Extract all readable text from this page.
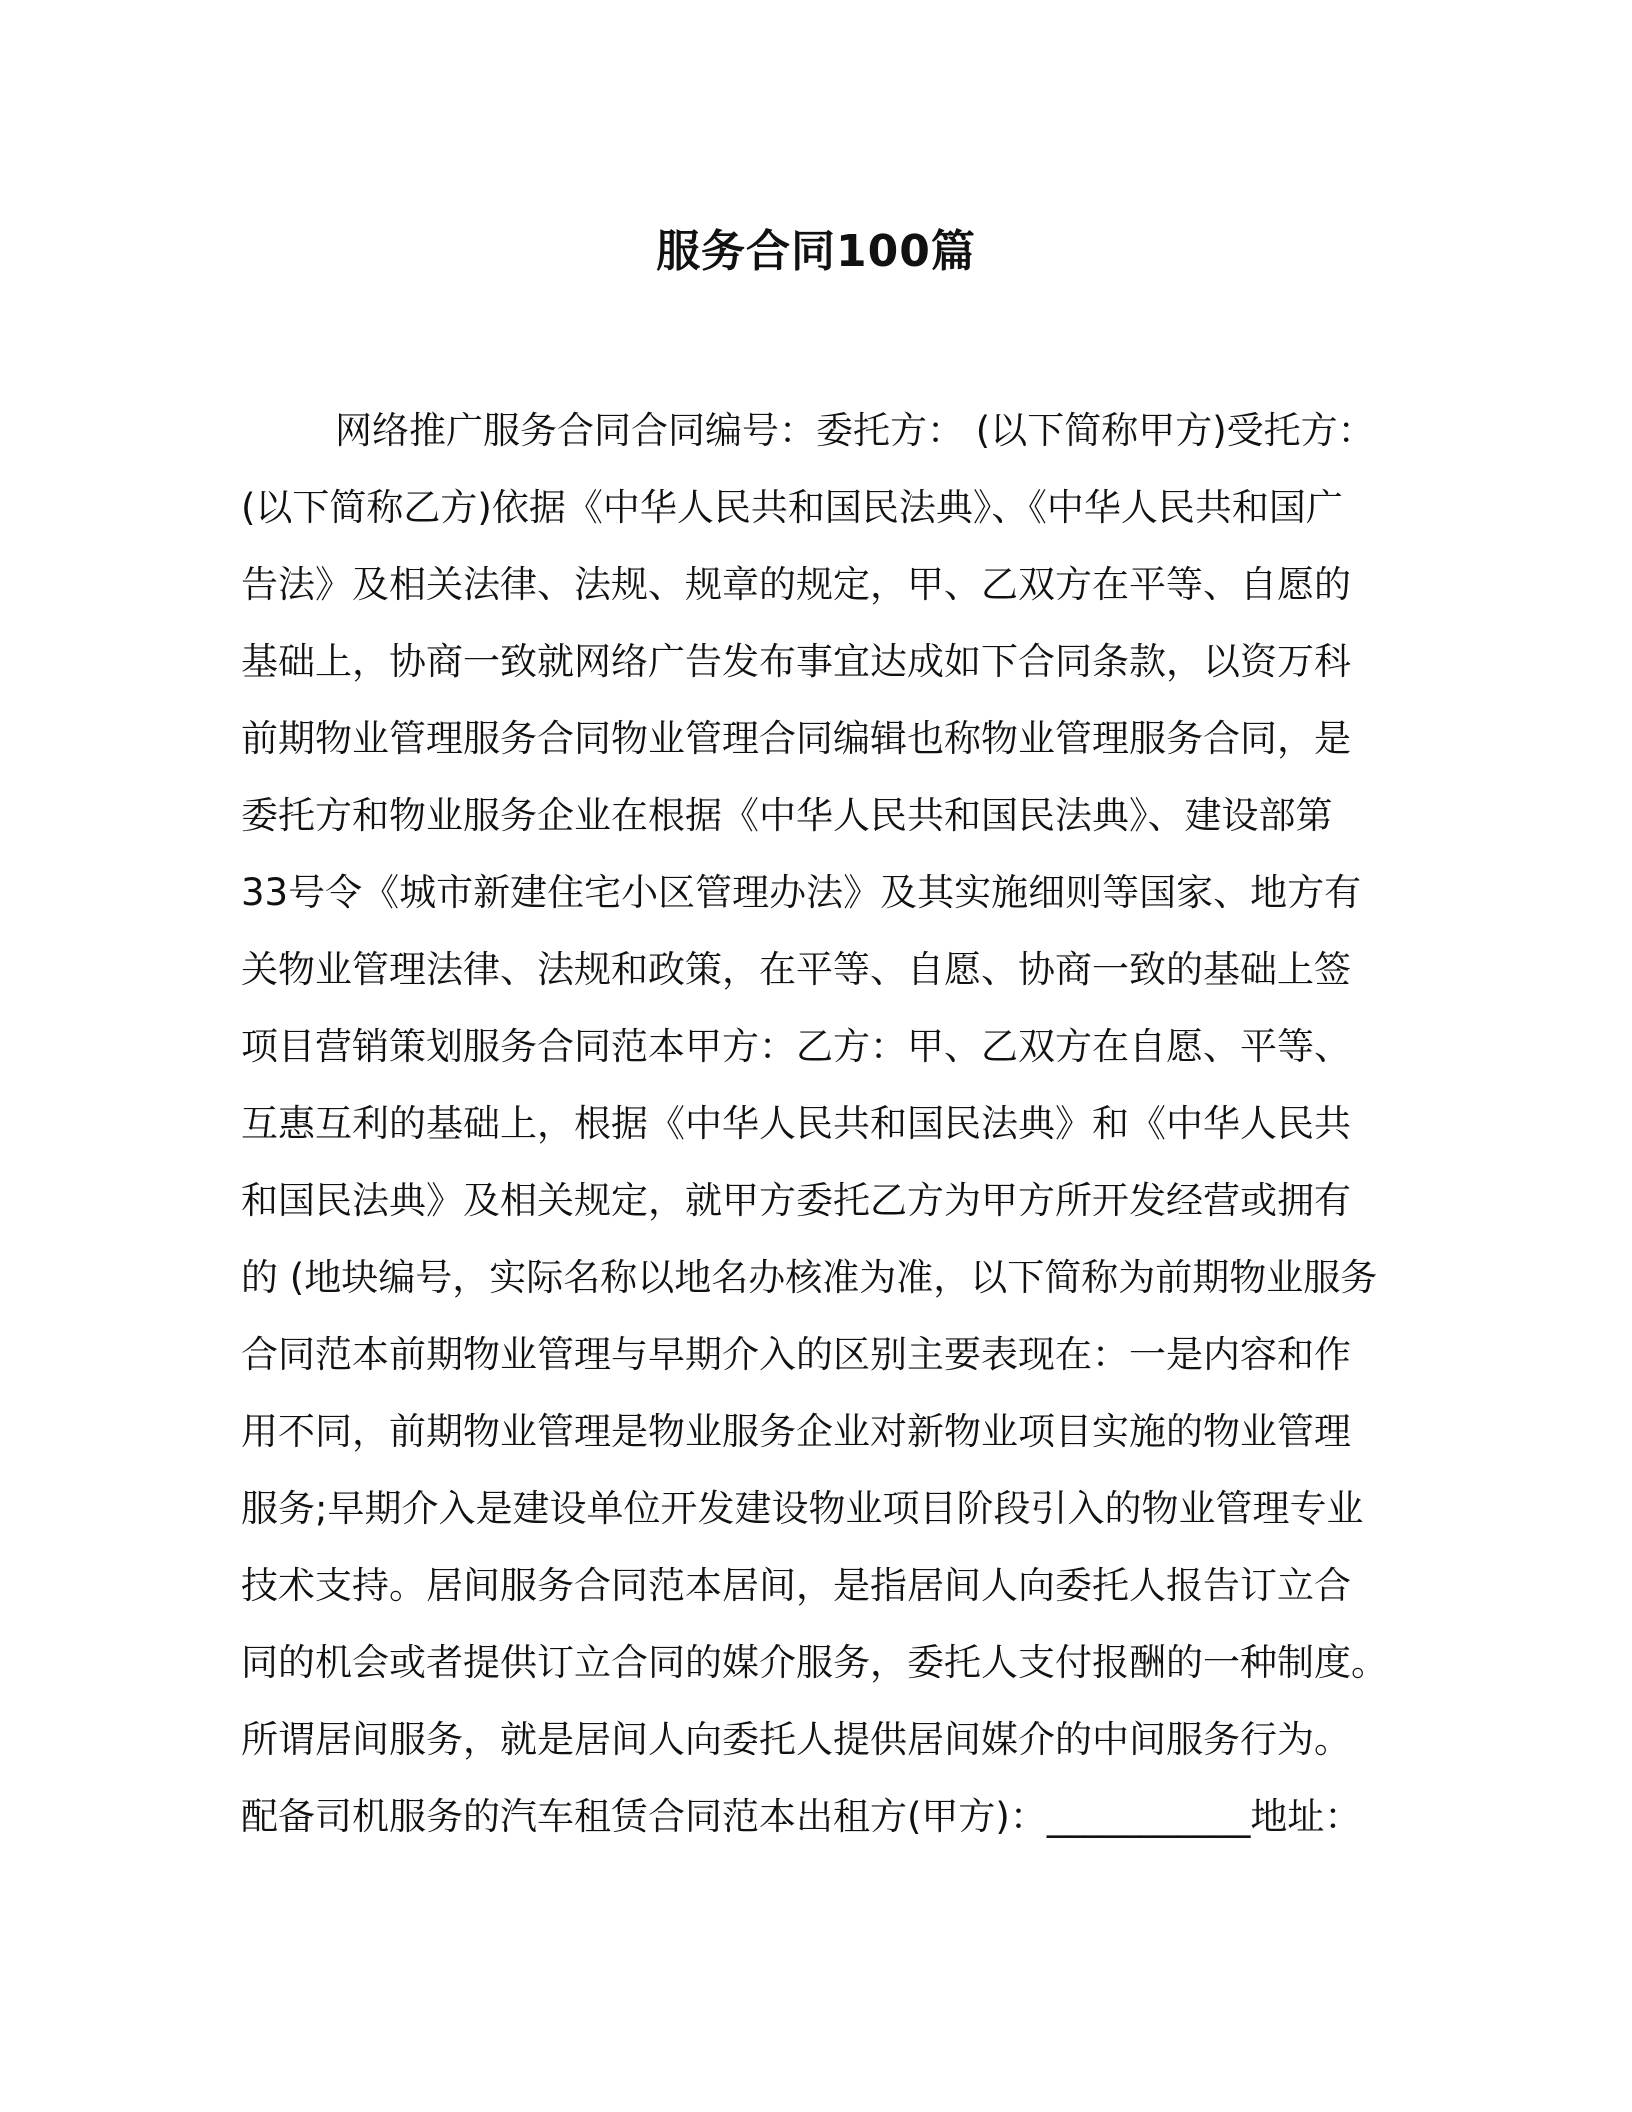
服务合同100篇
网络推广服务合同合同编号：委托方： (以下简称甲方)受托方：
(以下简称乙方)依据《中华人民共和国民法典》、《中华人民共和国广
告法》及相关法律、法规、规章的规定，甲、乙双方在平等、自愿的
基础上，协商一致就网络广告发布事宜达成如下合同条款，以资万科
前期物业管理服务合同物业管理合同编辑也称物业管理服务合同，是
委托方和物业服务企业在根据《中华人民共和国民法典》、建设部第
33号令《城市新建住宅小区管理办法》及其实施细则等国家、地方有
关物业管理法律、法规和政策，在平等、自愿、协商一致的基础上签
项目营销策划服务合同范本甲方：乙方：甲、乙双方在自愿、平等、
互惠互利的基础上，根据《中华人民共和国民法典》和《中华人民共
和国民法典》及相关规定，就甲方委托乙方为甲方所开发经营或拥有
的 (地块编号，实际名称以地名办核准为准，以下简称为前期物业服务
合同范本前期物业管理与早期介入的区别主要表现在：一是内容和作
用不同，前期物业管理是物业服务企业对新物业项目实施的物业管理
服务;早期介入是建设单位开发建设物业项目阶段引入的物业管理专业
技术支持。居间服务合同范本居间，是指居间人向委托人报告订立合
同的机会或者提供订立合同的媒介服务，委托人支付报酬的一种制度。
所谓居间服务，就是居间人向委托人提供居间媒介的中间服务行为。
配备司机服务的汽车租赁合同范本出租方(甲方)：___________地址：
